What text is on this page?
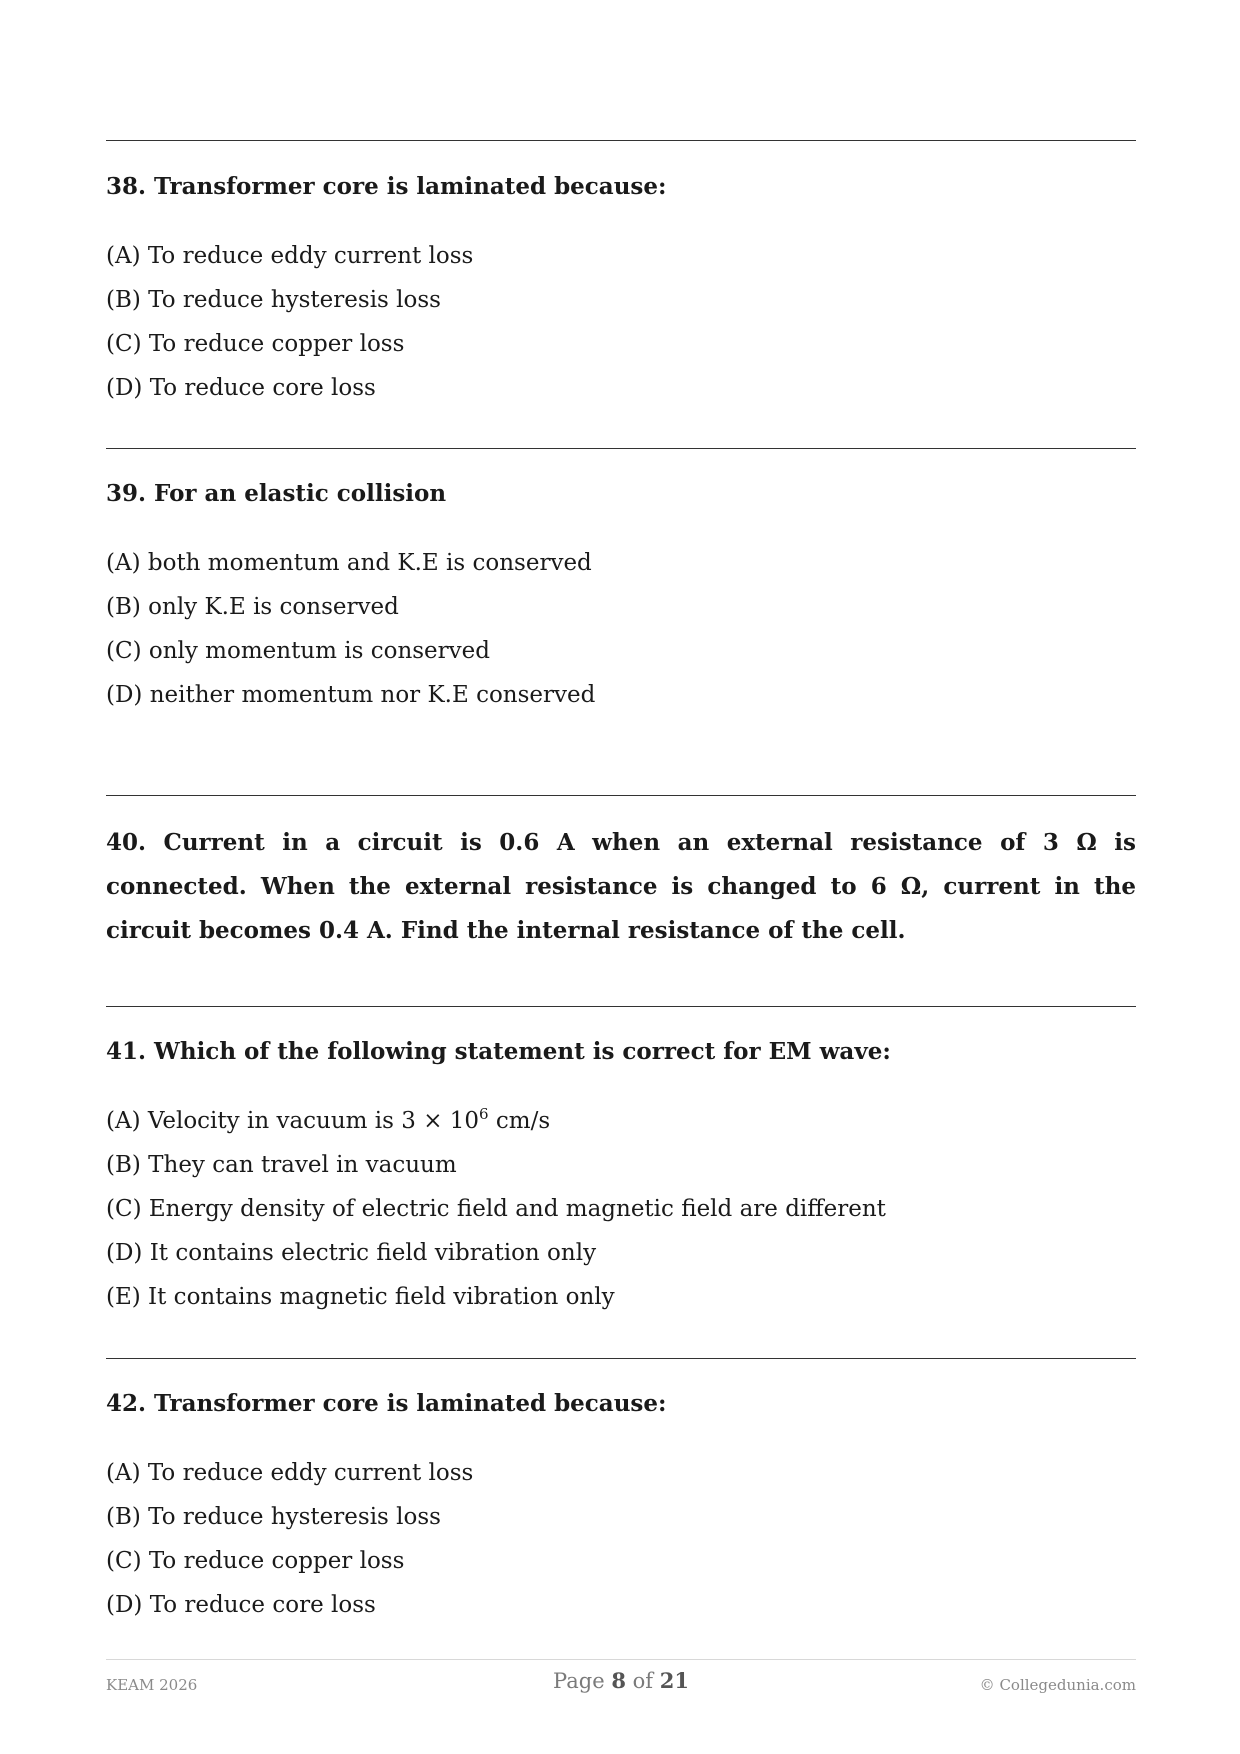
38. Transformer core is laminated because:

(A) To reduce eddy current loss
(B) To reduce hysteresis loss
(C) To reduce copper loss
(D) To reduce core loss

39. For an elastic collision

(A) both momentum and K.E is conserved
(B) only K.E is conserved
(C) only momentum is conserved
(D) neither momentum nor K.E conserved

40. Current in a circuit is 0.6 A when an external resistance of 3 Ω is connected. When the external resistance is changed to 6 Ω, current in the circuit becomes 0.4 A. Find the internal resistance of the cell.

41. Which of the following statement is correct for EM wave:

(A) Velocity in vacuum is $3 \times 10^6$ cm/s
(B) They can travel in vacuum
(C) Energy density of electric field and magnetic field are different
(D) It contains electric field vibration only
(E) It contains magnetic field vibration only

42. Transformer core is laminated because:

(A) To reduce eddy current loss
(B) To reduce hysteresis loss
(C) To reduce copper loss
(D) To reduce core loss
KEAM 2026	Page 8 of 21	© Collegedunia.com
